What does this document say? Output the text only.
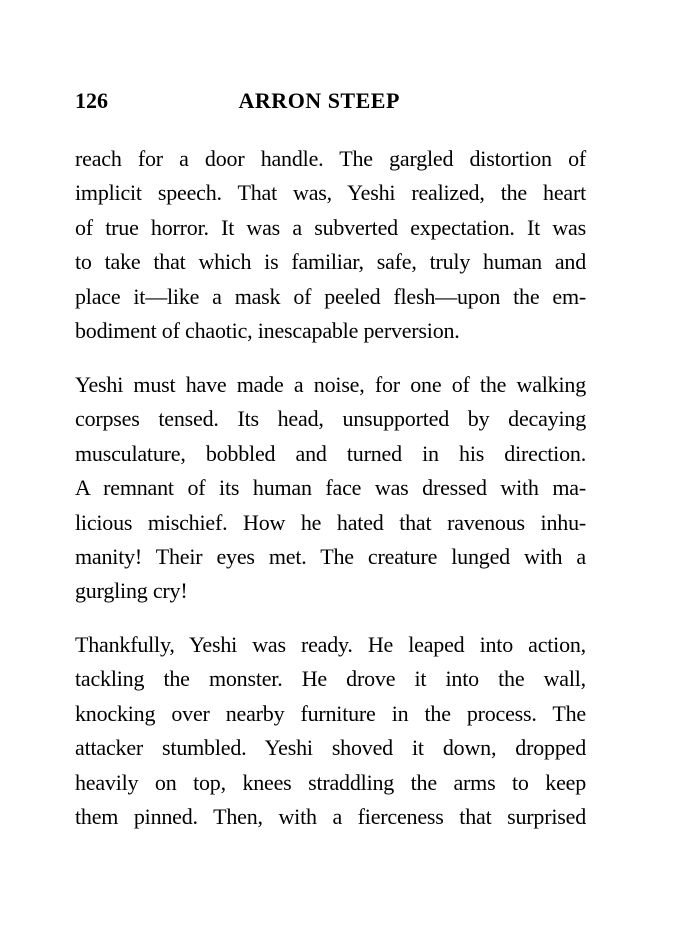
126	ARRON STEEP
reach for a door handle. The gargled distortion of
implicit speech. That was, Yeshi realized, the heart
of true horror. It was a subverted expectation. It was
to take that which is familiar, safe, truly human and
place it—like a mask of peeled flesh—upon the em-
bodiment of chaotic, inescapable perversion.
Yeshi must have made a noise, for one of the walking
corpses tensed. Its head, unsupported by decaying
musculature, bobbled and turned in his direction.
A remnant of its human face was dressed with ma-
licious mischief. How he hated that ravenous inhu-
manity! Their eyes met. The creature lunged with a
gurgling cry!
Thankfully, Yeshi was ready. He leaped into action,
tackling the monster. He drove it into the wall,
knocking over nearby furniture in the process. The
attacker stumbled. Yeshi shoved it down, dropped
heavily on top, knees straddling the arms to keep
them pinned. Then, with a fierceness that surprised
